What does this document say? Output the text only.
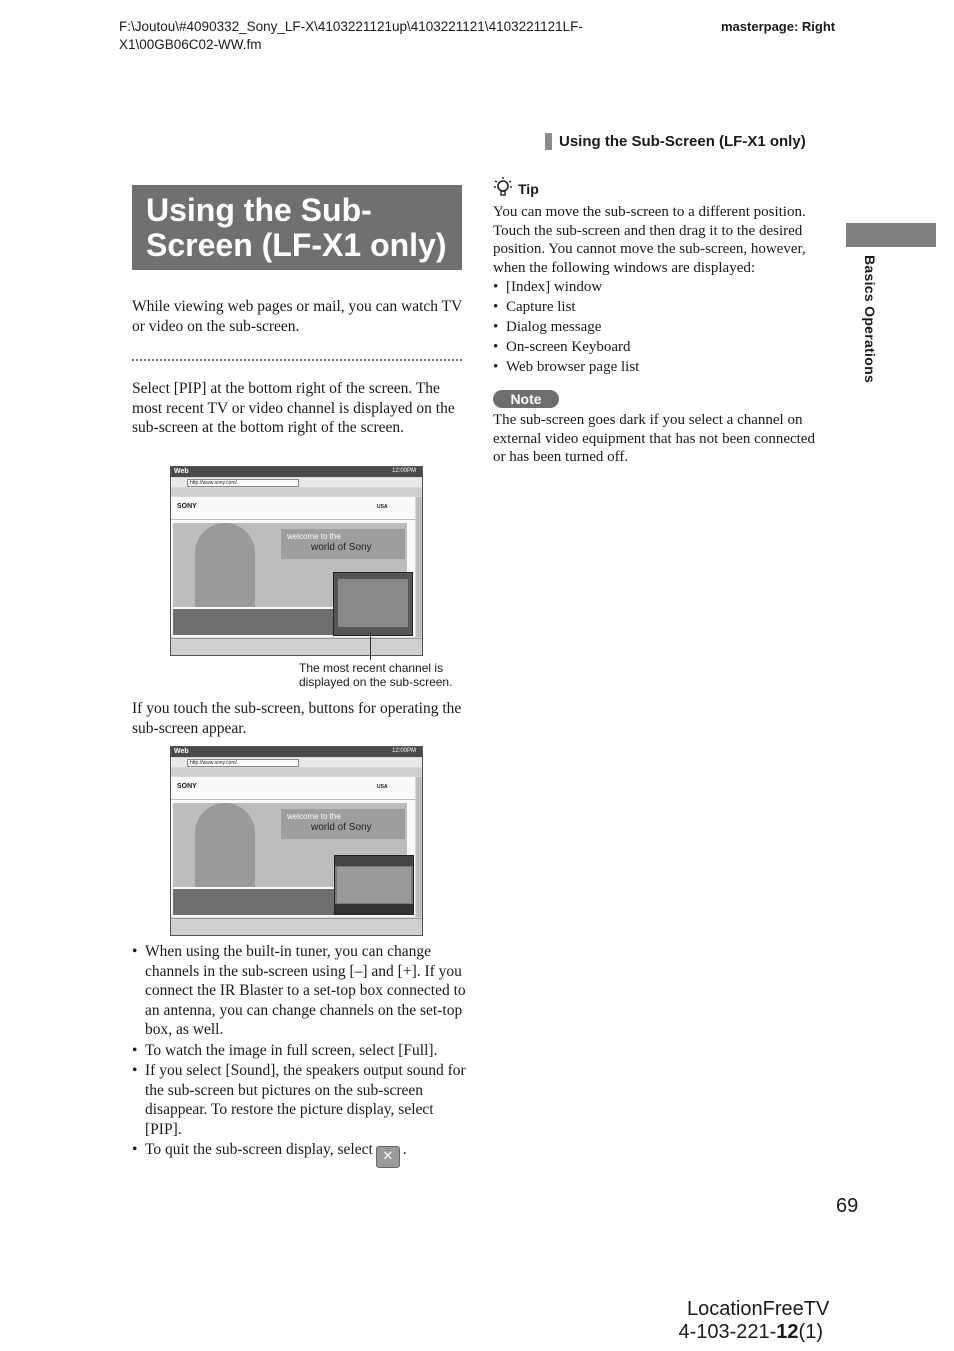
F:\Joutou\#4090332_Sony_LF-X\4103221121up\4103221121\4103221121LF-X1\00GB06C02-WW.fm
masterpage: Right
Using the Sub-Screen (LF-X1 only)
Using the Sub-Screen (LF-X1 only)
While viewing web pages or mail, you can watch TV or video on the sub-screen.
Select [PIP] at the bottom right of the screen. The most recent TV or video channel is displayed on the sub-screen at the bottom right of the screen.
Web	12:00PM
http://www.sony.com/
SONY	USA
welcome to the
world of Sony
The most recent channel is displayed on the sub-screen.
If you touch the sub-screen, buttons for operating the sub-screen appear.
Web	12:00PM
http://www.sony.com/
SONY	USA
welcome to the
world of Sony
• When using the built-in tuner, you can change channels in the sub-screen using [–] and [+]. If you connect the IR Blaster to a set-top box connected to an antenna, you can change channels on the set-top box, as well.
• To watch the image in full screen, select [Full].
• If you select [Sound], the speakers output sound for the sub-screen but pictures on the sub-screen disappear. To restore the picture display, select [PIP].
• To quit the sub-screen display, select ✕ .
Tip
You can move the sub-screen to a different position. Touch the sub-screen and then drag it to the desired position. You cannot move the sub-screen, however, when the following windows are displayed:
• [Index] window
• Capture list
• Dialog message
• On-screen Keyboard
• Web browser page list
Note
The sub-screen goes dark if you select a channel on external video equipment that has not been connected or has been turned off.
Basics Operations
69
LocationFreeTV
4-103-221-12(1)
